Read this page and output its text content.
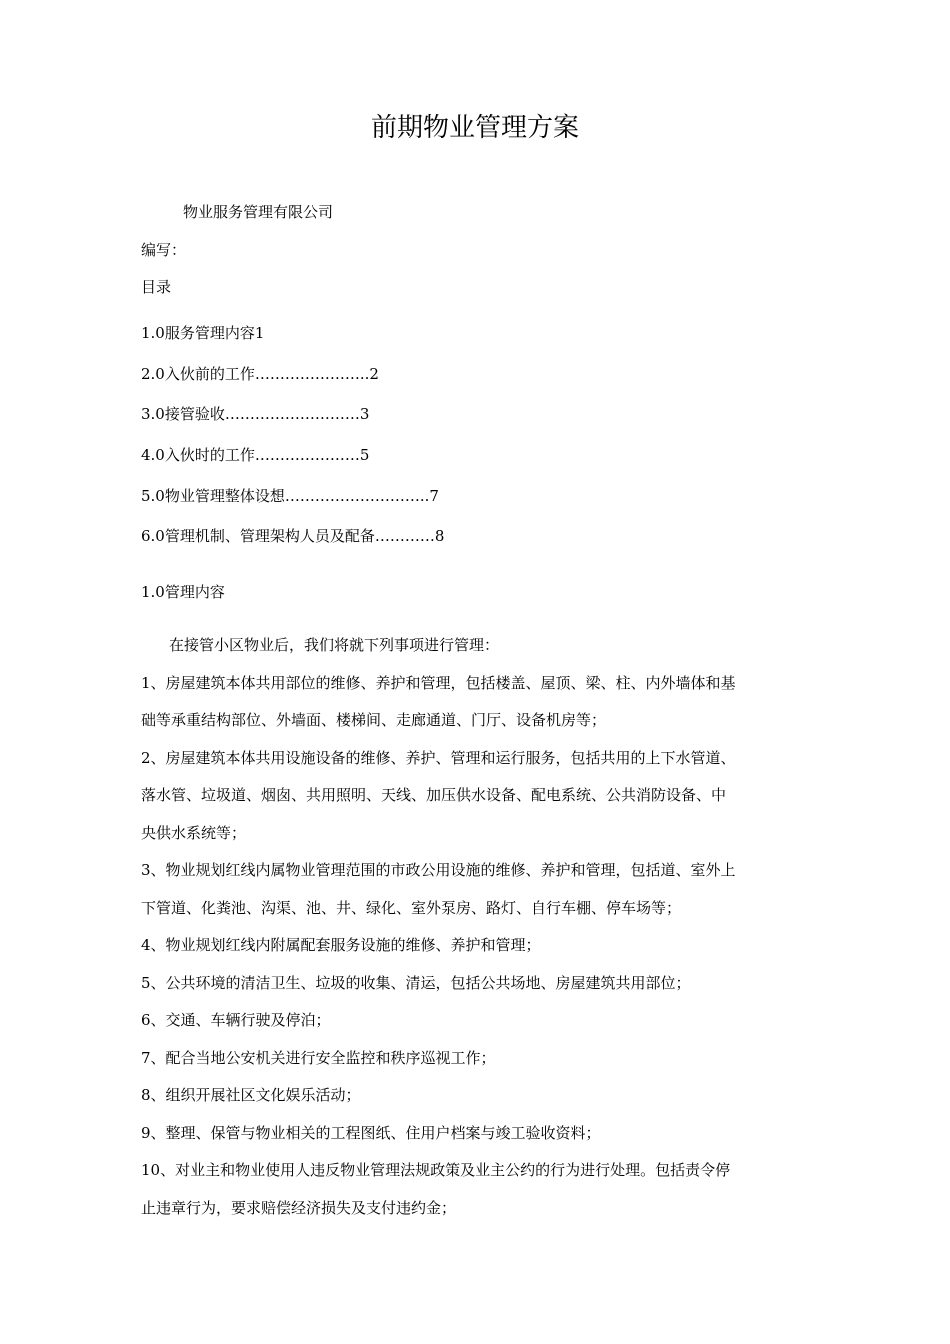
前期物业管理方案

物业服务管理有限公司

编写：

目录

1.0服务管理内容1

2.0入伙前的工作…………………..2

3.0接管验收………………………3

4.0入伙时的工作…………………5

5.0物业管理整体设想………………………..7

6.0管理机制、管理架构人员及配备…………8

1.0管理内容

在接管小区物业后，我们将就下列事项进行管理：

1、房屋建筑本体共用部位的维修、养护和管理，包括楼盖、屋顶、梁、柱、内外墙体和基

础等承重结构部位、外墙面、楼梯间、走廊通道、门厅、设备机房等；

2、房屋建筑本体共用设施设备的维修、养护、管理和运行服务，包括共用的上下水管道、

落水管、垃圾道、烟囱、共用照明、天线、加压供水设备、配电系统、公共消防设备、中

央供水系统等；

3、物业规划红线内属物业管理范围的市政公用设施的维修、养护和管理，包括道、室外上

下管道、化粪池、沟渠、池、井、绿化、室外泵房、路灯、自行车棚、停车场等；

4、物业规划红线内附属配套服务设施的维修、养护和管理；

5、公共环境的清洁卫生、垃圾的收集、清运，包括公共场地、房屋建筑共用部位；

6、交通、车辆行驶及停泊；

7、配合当地公安机关进行安全监控和秩序巡视工作；

8、组织开展社区文化娱乐活动；

9、整理、保管与物业相关的工程图纸、住用户档案与竣工验收资料；

10、对业主和物业使用人违反物业管理法规政策及业主公约的行为进行处理。包括责令停

止违章行为，要求赔偿经济损失及支付违约金；
